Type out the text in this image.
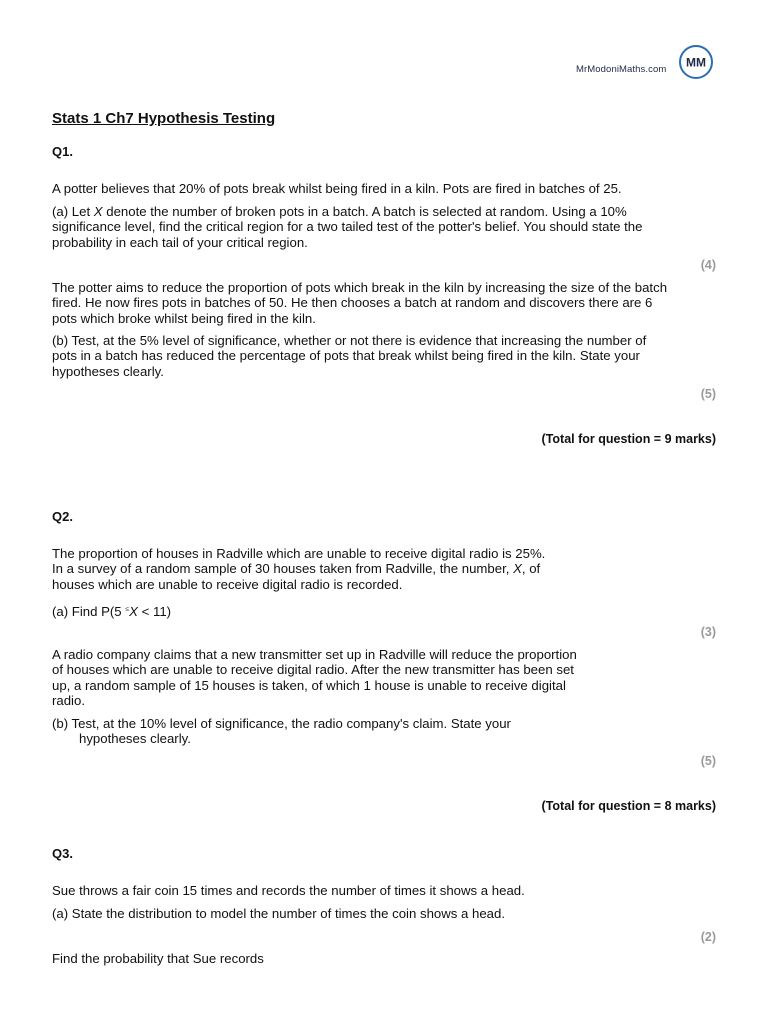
MrModoniMaths.com MM
Stats 1 Ch7 Hypothesis Testing
Q1.
A potter believes that 20% of pots break whilst being fired in a kiln. Pots are fired in batches of 25.
(a) Let X denote the number of broken pots in a batch. A batch is selected at random. Using a 10%
significance level, find the critical region for a two tailed test of the potter's belief. You should state the
probability in each tail of your critical region.
(4)
The potter aims to reduce the proportion of pots which break in the kiln by increasing the size of the batch
fired. He now fires pots in batches of 50. He then chooses a batch at random and discovers there are 6
pots which broke whilst being fired in the kiln.
(b) Test, at the 5% level of significance, whether or not there is evidence that increasing the number of
pots in a batch has reduced the percentage of pots that break whilst being fired in the kiln. State your
hypotheses clearly.
(5)
(Total for question = 9 marks)
Q2.
The proportion of houses in Radville which are unable to receive digital radio is 25%.
In a survey of a random sample of 30 houses taken from Radville, the number, X, of
houses which are unable to receive digital radio is recorded.
(a) Find P(5 ≤X < 11)
(3)
A radio company claims that a new transmitter set up in Radville will reduce the proportion
of houses which are unable to receive digital radio. After the new transmitter has been set
up, a random sample of 15 houses is taken, of which 1 house is unable to receive digital
radio.
(b) Test, at the 10% level of significance, the radio company's claim. State your
hypotheses clearly.
(5)
(Total for question = 8 marks)
Q3.
Sue throws a fair coin 15 times and records the number of times it shows a head.
(a) State the distribution to model the number of times the coin shows a head.
(2)
Find the probability that Sue records
